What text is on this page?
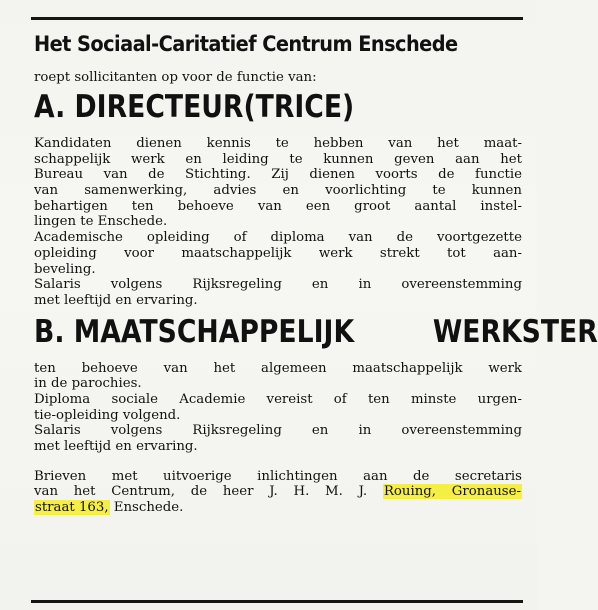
Het Sociaal-Caritatief Centrum Enschede
roept sollicitanten op voor de functie van:
A. DIRECTEUR(TRICE)
Kandidaten dienen kennis te hebben van het maat-
schappelijk werk en leiding te kunnen geven aan het
Bureau van de Stichting. Zij dienen voorts de functie
van samenwerking, advies en voorlichting te kunnen
behartigen ten behoeve van een groot aantal instel-
lingen te Enschede.
Academische opleiding of diploma van de voortgezette
opleiding voor maatschappelijk werk strekt tot aan-
beveling.
Salaris volgens Rijksregeling en in overeenstemming
met leeftijd en ervaring.
B. MAATSCHAPPELIJK	WERKSTER
ten behoeve van het algemeen maatschappelijk werk
in de parochies.
Diploma sociale Academie vereist of ten minste urgen-
tie-opleiding volgend.
Salaris volgens Rijksregeling en in overeenstemming
met leeftijd en ervaring.
Brieven met uitvoerige inlichtingen aan de secretaris
van het Centrum, de heer J. H. M. J. Rouing, Gronause-
straat 163, Enschede.
